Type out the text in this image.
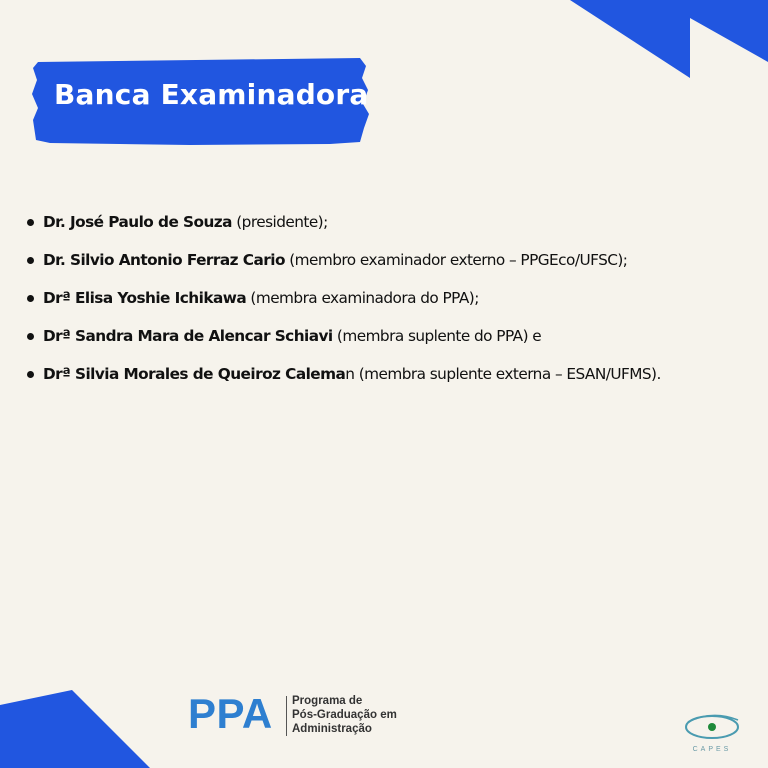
Banca Examinadora
Dr. José Paulo de Souza (presidente);
Dr. Silvio Antonio Ferraz Cario (membro examinador externo – PPGEco/UFSC);
Drª Elisa Yoshie Ichikawa (membra examinadora do PPA);
Drª Sandra Mara de Alencar Schiavi (membra suplente do PPA) e
Drª Silvia Morales de Queiroz Caleman (membra suplente externa – ESAN/UFMS).
PPA Programa de
Pós-Graduação em
Administração
CAPES
